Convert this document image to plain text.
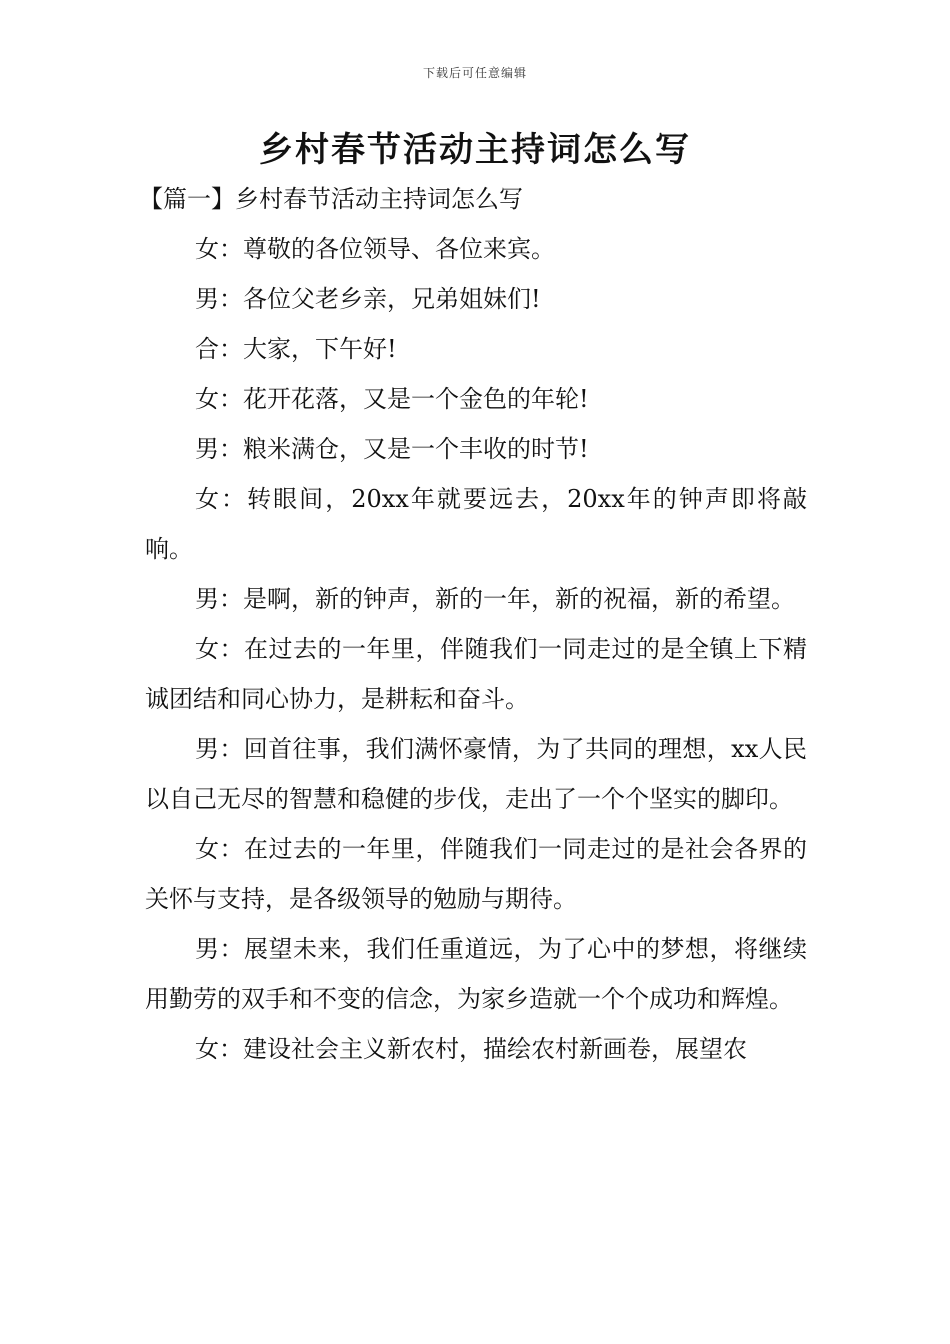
下载后可任意编辑
乡村春节活动主持词怎么写

【篇一】乡村春节活动主持词怎么写

女：尊敬的各位领导、各位来宾。

男：各位父老乡亲，兄弟姐妹们!

合：大家，下午好!

女：花开花落，又是一个金色的年轮!

男：粮米满仓，又是一个丰收的时节!

女：转眼间，20xx年就要远去，20xx年的钟声即将敲响。

男：是啊，新的钟声，新的一年，新的祝福，新的希望。

女：在过去的一年里，伴随我们一同走过的是全镇上下精诚团结和同心协力，是耕耘和奋斗。

男：回首往事，我们满怀豪情，为了共同的理想，xx人民以自己无尽的智慧和稳健的步伐，走出了一个个坚实的脚印。

女：在过去的一年里，伴随我们一同走过的是社会各界的关怀与支持，是各级领导的勉励与期待。

男：展望未来，我们任重道远，为了心中的梦想，将继续用勤劳的双手和不变的信念，为家乡造就一个个成功和辉煌。

女：建设社会主义新农村，描绘农村新画卷，展望农
